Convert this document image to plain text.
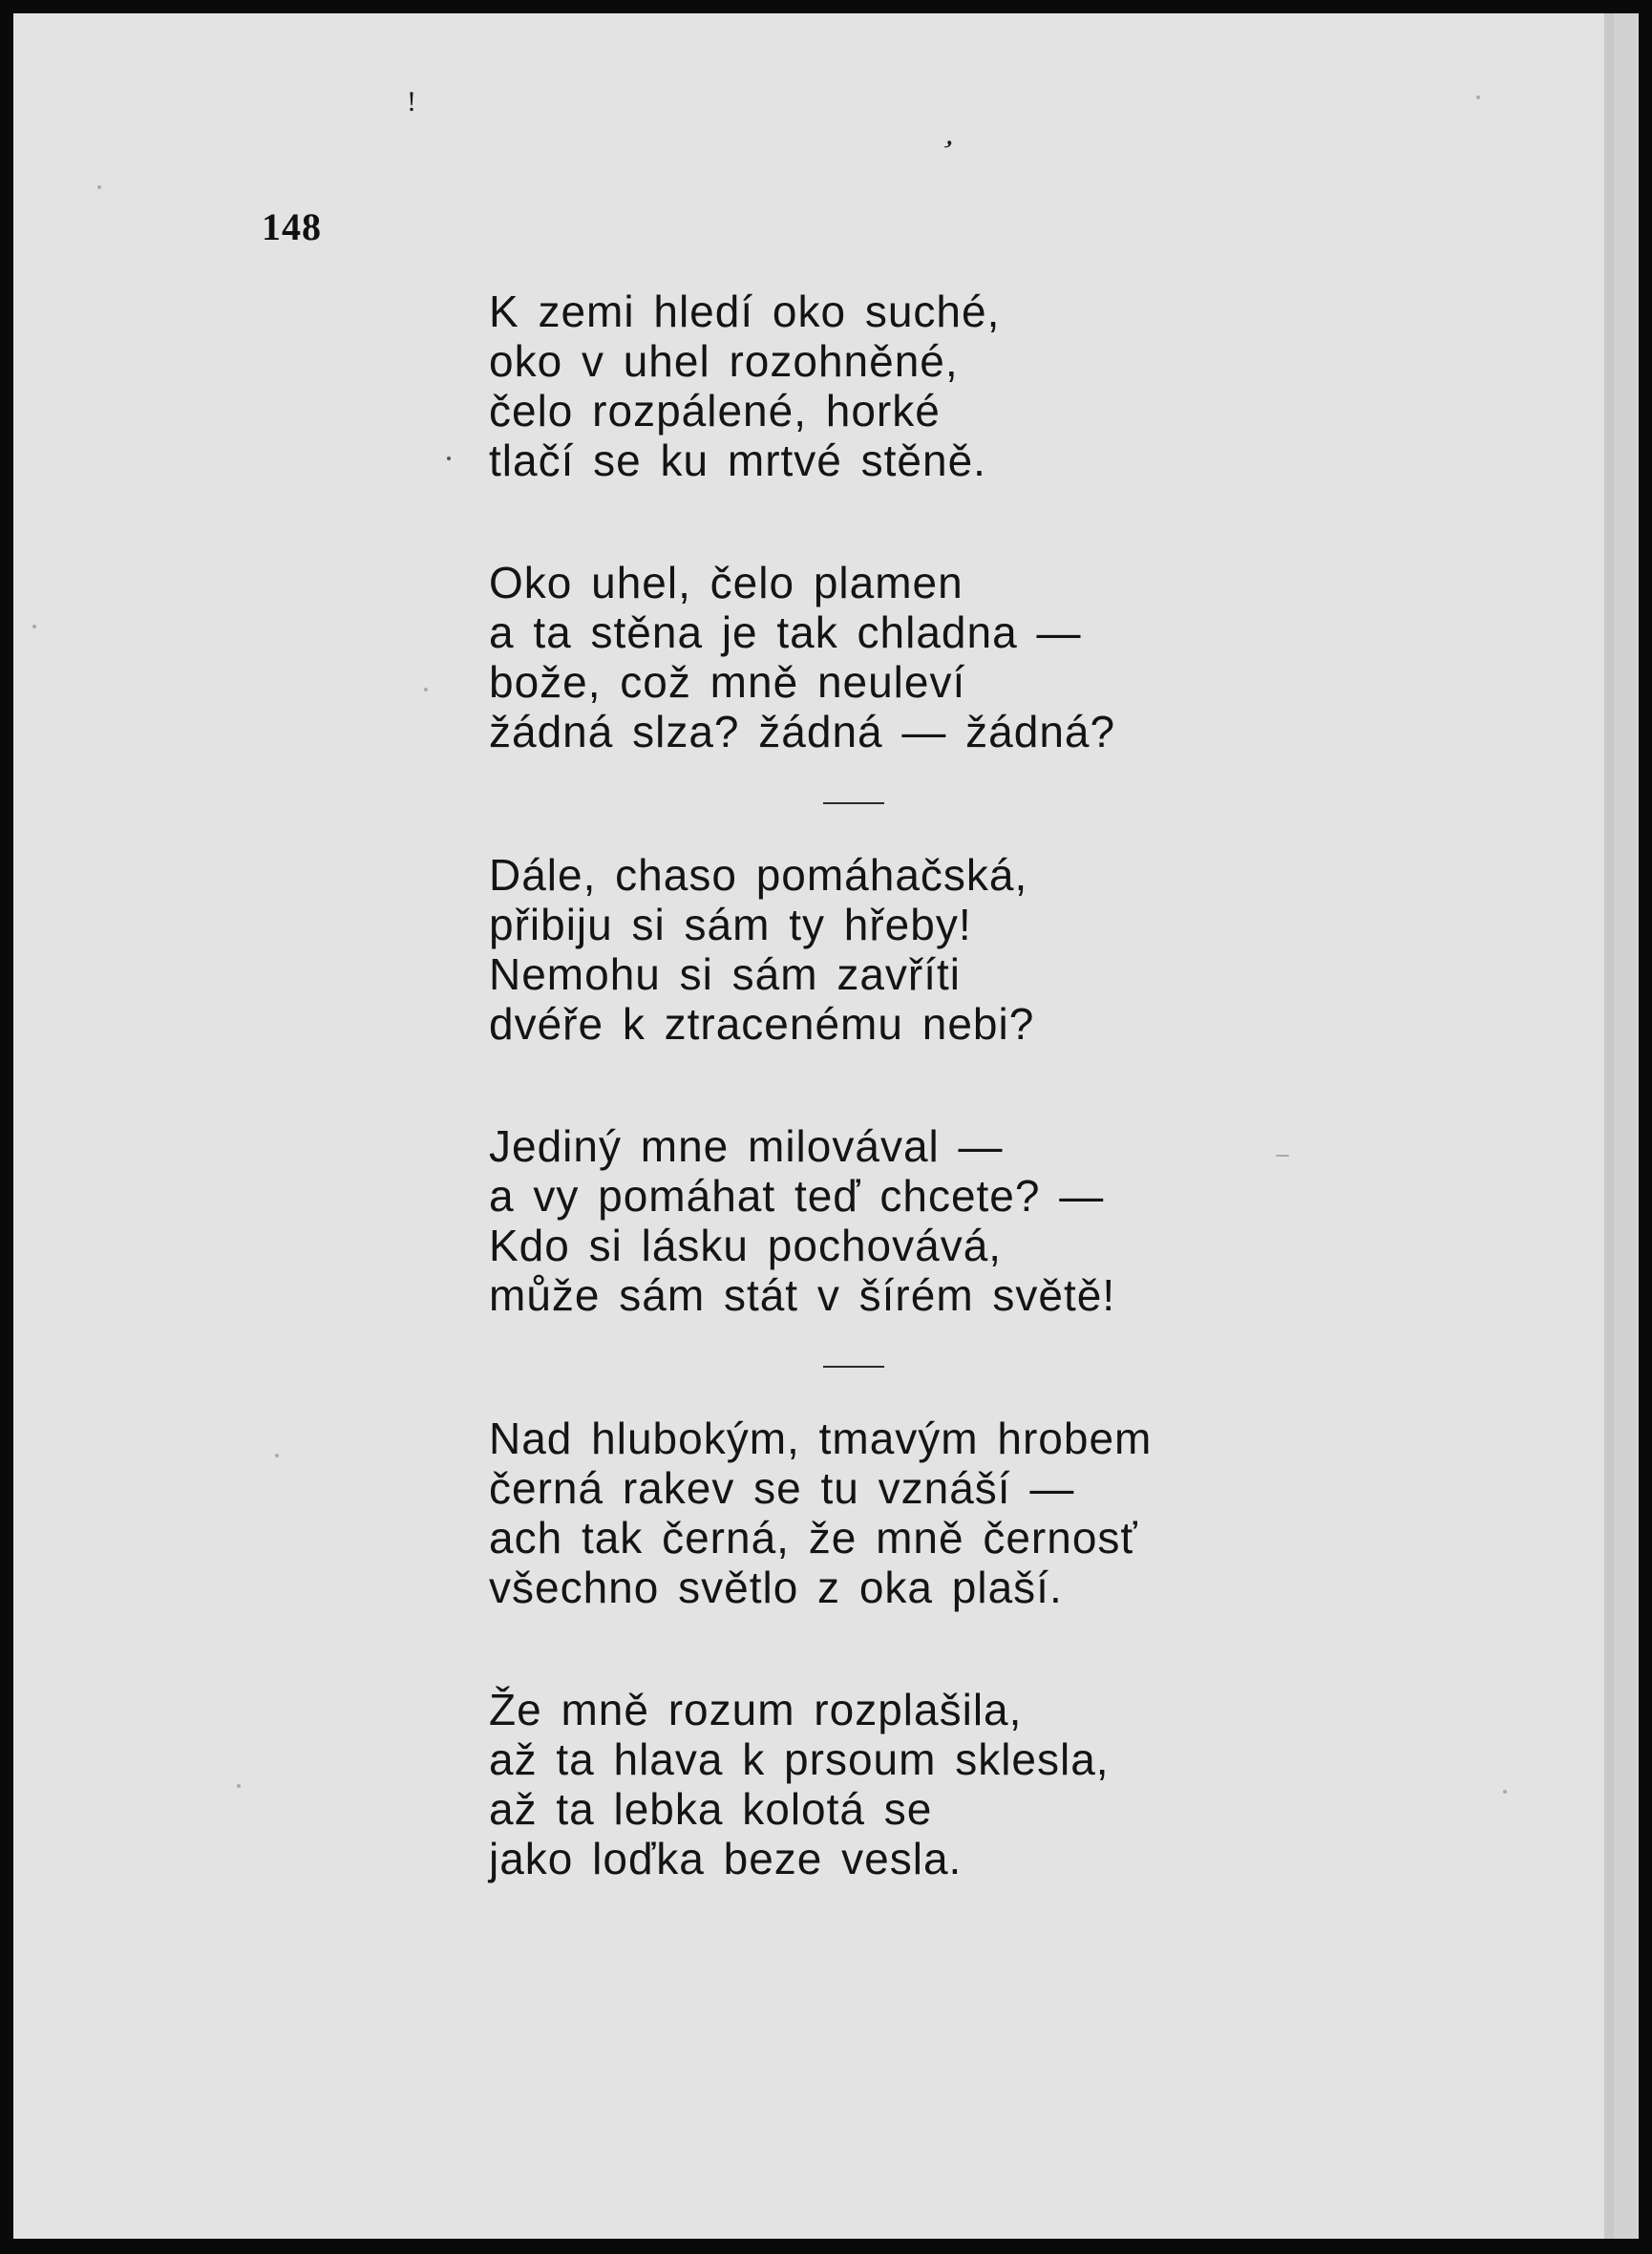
!
ʼ
148
K zemi hledí oko suché,
oko v uhel rozohněné,
čelo rozpálené, horké
tlačí se ku mrtvé stěně.
Oko uhel, čelo plamen
a ta stěna je tak chladna —
bože, což mně neuleví
žádná slza? žádná — žádná?
Dále, chaso pomáhačská,
přibiju si sám ty hřeby!
Nemohu si sám zavříti
dvéře k ztracenému nebi?
Jediný mne milovával —
a vy pomáhat teď chcete? —
Kdo si lásku pochovává,
může sám stát v šírém světě!
Nad hlubokým, tmavým hrobem
černá rakev se tu vznáší —
ach tak černá, že mně černosť
všechno světlo z oka plaší.
Že mně rozum rozplašila,
až ta hlava k prsoum sklesla,
až ta lebka kolotá se
jako loďka beze vesla.
